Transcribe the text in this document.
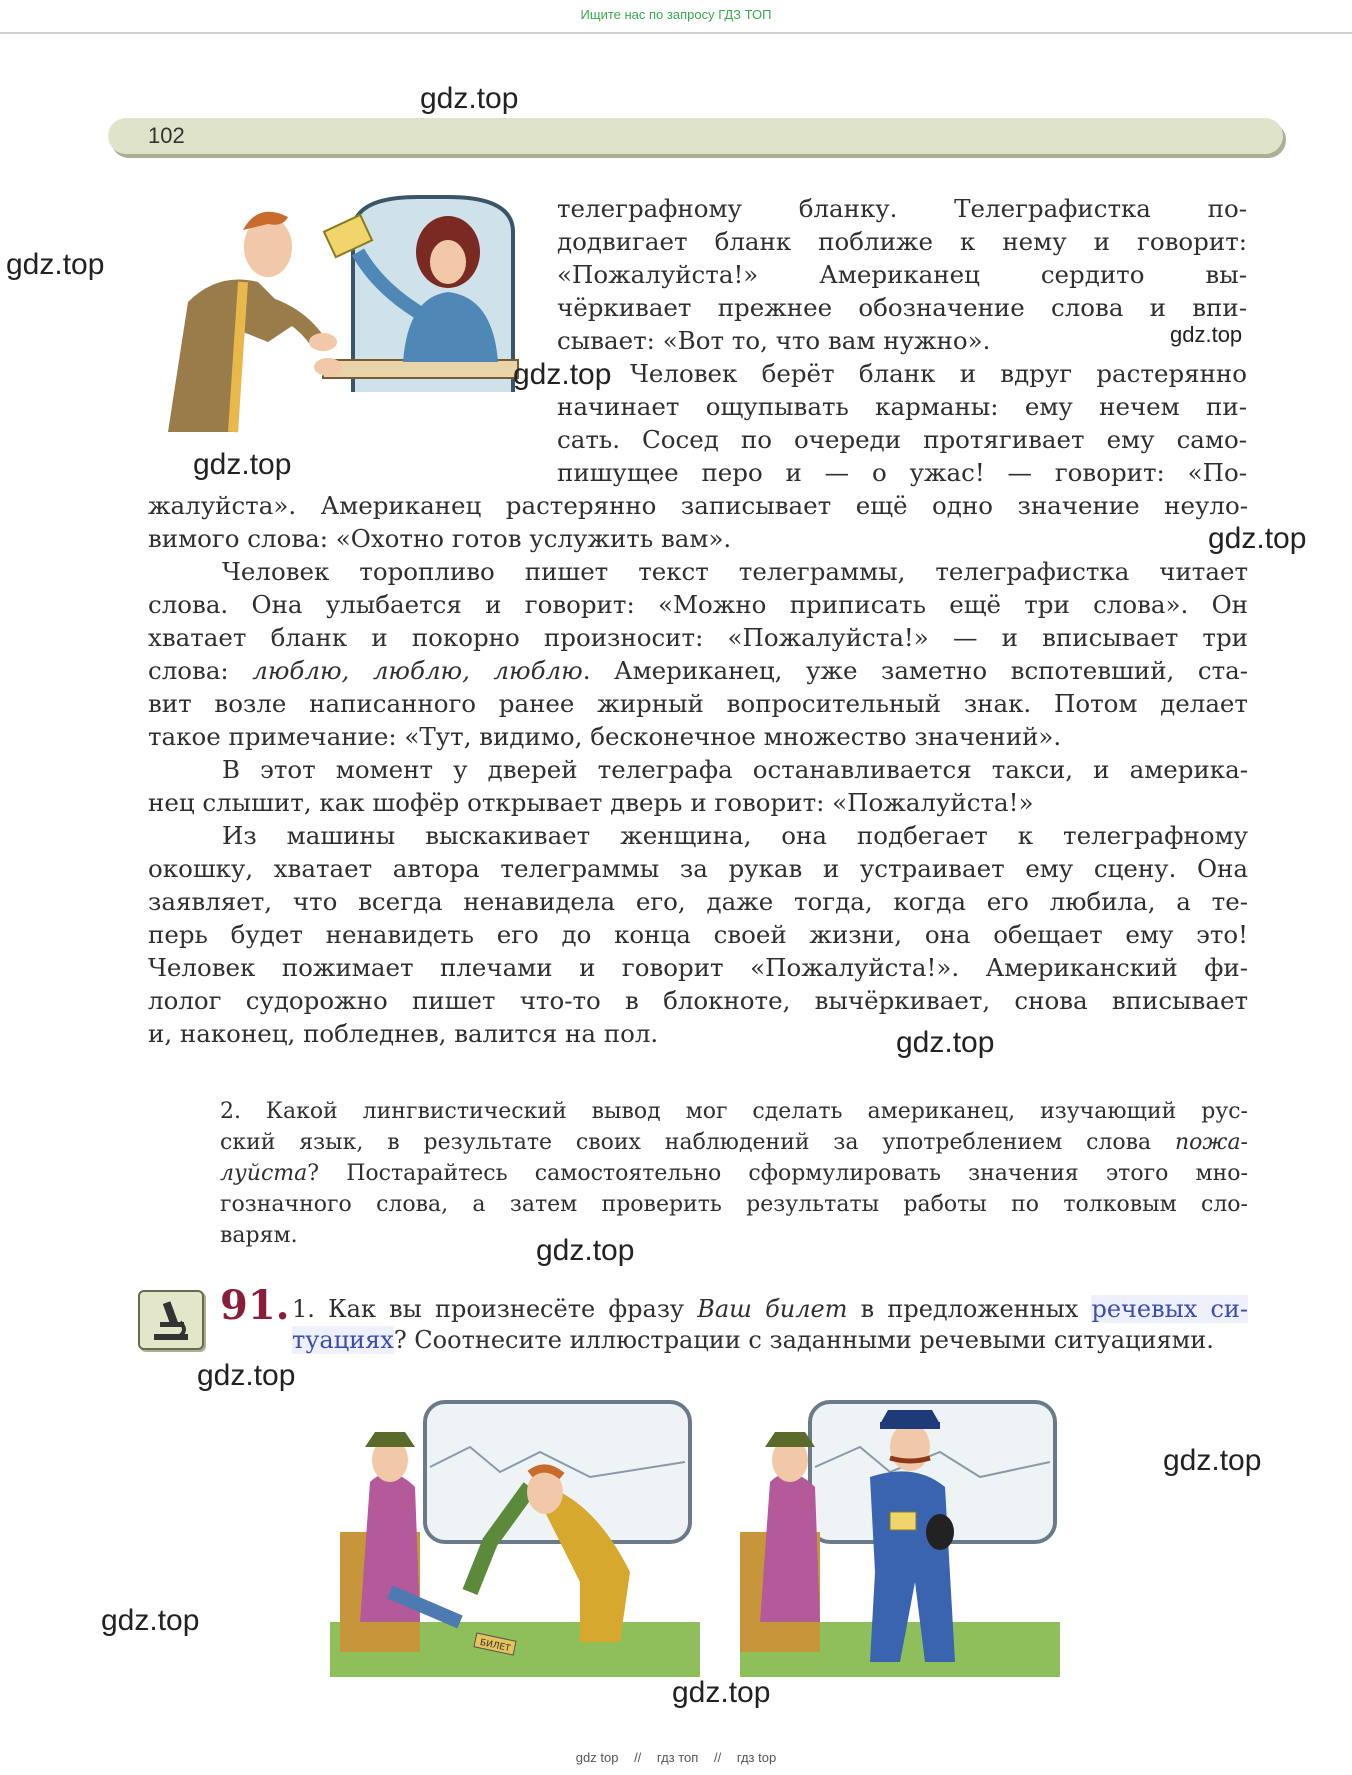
Ищите нас по запросу ГДЗ ТОП
102
телеграфному бланку. Телеграфистка по-
додвигает бланк поближе к нему и говорит:
«Пожалуйста!» Американец сердито вы-
чёркивает прежнее обозначение слова и впи-
сывает: «Вот то, что вам нужно».
Человек берёт бланк и вдруг растерянно
начинает ощупывать карманы: ему нечем пи-
сать. Сосед по очереди протягивает ему само-
пишущее перо и — о ужас! — говорит: «По-
жалуйста». Американец растерянно записывает ещё одно значение неуло-
вимого слова: «Охотно готов услужить вам».
Человек торопливо пишет текст телеграммы, телеграфистка читает
слова. Она улыбается и говорит: «Можно приписать ещё три слова». Он
хватает бланк и покорно произносит: «Пожалуйста!» — и вписывает три
слова: люблю, люблю, люблю. Американец, уже заметно вспотевший, ста-
вит возле написанного ранее жирный вопросительный знак. Потом делает
такое примечание: «Тут, видимо, бесконечное множество значений».
В этот момент у дверей телеграфа останавливается такси, и америка-
нец слышит, как шофёр открывает дверь и говорит: «Пожалуйста!»
Из машины выскакивает женщина, она подбегает к телеграфному
окошку, хватает автора телеграммы за рукав и устраивает ему сцену. Она
заявляет, что всегда ненавидела его, даже тогда, когда его любила, а те-
перь будет ненавидеть его до конца своей жизни, она обещает ему это!
Человек пожимает плечами и говорит «Пожалуйста!». Американский фи-
лолог судорожно пишет что-то в блокноте, вычёркивает, снова вписывает
и, наконец, побледнев, валится на пол.
2. Какой лингвистический вывод мог сделать американец, изучающий рус-
ский язык, в результате своих наблюдений за употреблением слова пожа-
луйста? Постарайтесь самостоятельно сформулировать значения этого мно-
гозначного слова, а затем проверить результаты работы по толковым сло-
варям.
91. 1. Как вы произнесёте фразу Ваш билет в предложенных речевых си-
туациях? Соотнесите иллюстрации с заданными речевыми ситуациями.
БИЛЕТ
gdz.top
gdz.top
gdz.top
gdz.top
gdz.top
gdz.top
gdz.top
gdz.top
gdz.top
gdz.top
gdz.top
gdz.top
gdz top // гдз топ // гдз top
